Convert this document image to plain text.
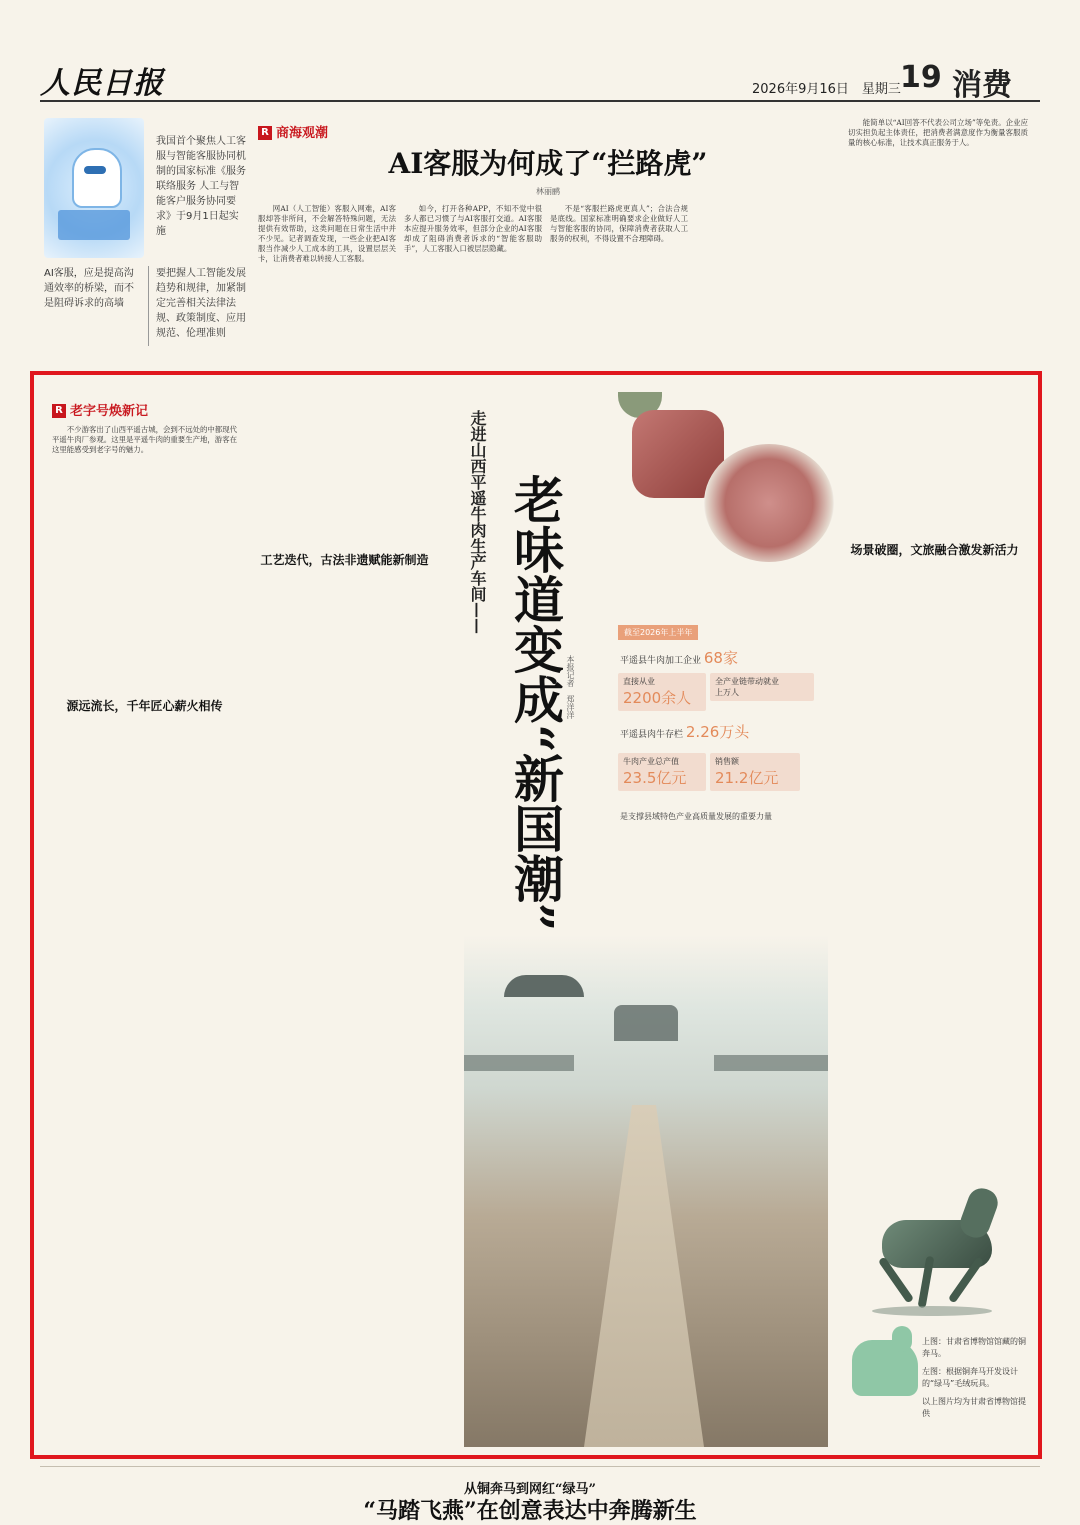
人民日报	2026年9月16日　星期三 19 消费
我国首个聚焦人工客服与智能客服协同机制的国家标准《服务联络服务 人工与智能客户服务协同要求》于9月1日起实施
AI客服，应是提高沟通效率的桥梁，而不是阻碍诉求的高墙
要把握人工智能发展趋势和规律，加紧制定完善相关法律法规、政策制度、应用规范、伦理准则
R 商海观潮
AI客服为何成了“拦路虎”
林丽鹂

网AI（人工智能）客服入网难，AI客服却答非所问，不会解答特殊问题，无法提供有效帮助，这类问题在日常生活中并不少见。记者调查发现，一些企业把AI客服当作减少人工成本的工具，设置层层关卡，让消费者难以转接人工客服。

如今，打开各种APP，不知不觉中很多人都已习惯了与AI客服打交道。AI客服本应提升服务效率，但部分企业的AI客服却成了阻碍消费者诉求的“智能客服助手”，人工客服入口被层层隐藏。

不是“客服拦路虎更真人”；合法合规是底线。国家标准明确要求企业做好人工与智能客服的协同，保障消费者获取人工服务的权利，不得设置不合理障碍。

能简单以“AI回答不代表公司立场”等免责。企业应切实担负起主体责任，把消费者满意度作为衡量客服质量的核心标准，让技术真正服务于人。

R 老字号焕新记

不少游客出了山西平遥古城，会到不远处的中都现代平遥牛肉厂参观。这里是平遥牛肉的重要生产地，游客在这里能感受到老字号的魅力。

源远流长，千年匠心薪火相传
工艺迭代，古法非遗赋能新制造	走进山西平遥牛肉生产车间—— 老味道变成“新国潮” 本报记者　郑洋洋
截至2026年上半年
平遥县牛肉加工企业 68家
直接从业
2200余人
全产业链带动就业
上万人
平遥县肉牛存栏 2.26万头
牛肉产业总产值
23.5亿元
销售额
21.2亿元
是支撑县域特色产业高质量发展的重要力量
场景破圈，文旅融合激发新活力
从铜奔马到网红“绿马”
“马踏飞燕”在创意表达中奔腾新生
上图：甘肃省博物馆馆藏的铜奔马。
左图：根据铜奔马开发设计的“绿马”毛绒玩具。
以上图片均为甘肃省博物馆提供
